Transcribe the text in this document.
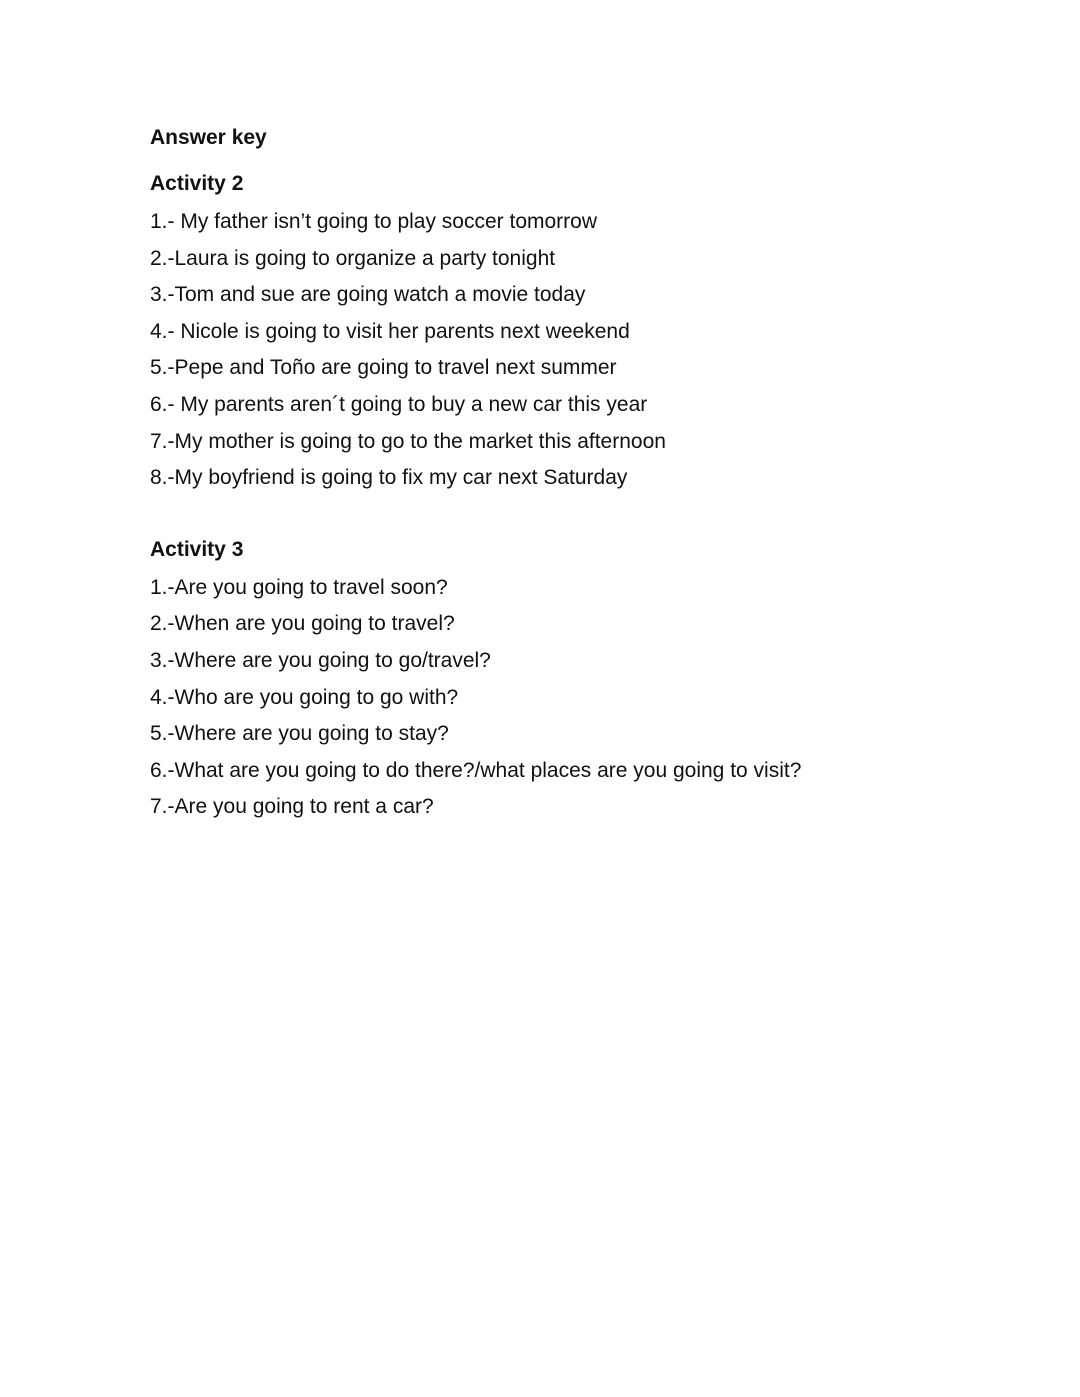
Answer key
Activity 2
1.- My father isn’t going to play soccer tomorrow
2.-Laura is going to organize a party tonight
3.-Tom and sue are going watch a movie today
4.- Nicole is going to visit her parents next weekend
5.-Pepe and Toño are going to travel next summer
6.- My parents aren´t going to buy a new car this year
7.-My mother is going to go to the market this afternoon
8.-My boyfriend is going to fix my car next Saturday
Activity 3
1.-Are you going to travel soon?
2.-When are you going to travel?
3.-Where are you going to go/travel?
4.-Who are you going to go with?
5.-Where are you going to stay?
6.-What are you going to do there?/what places are you going to visit?
7.-Are you going to rent a car?
